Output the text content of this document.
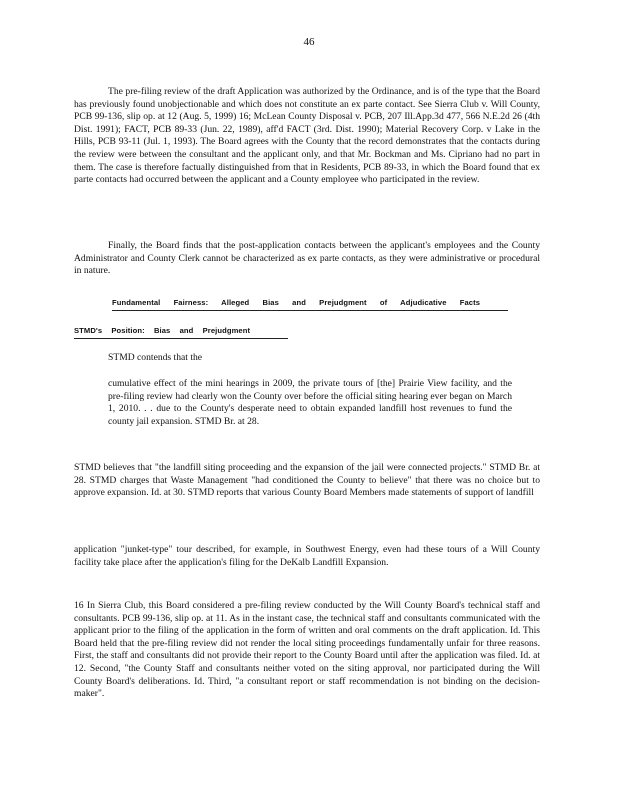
46
The pre-filing review of the draft Application was authorized by the Ordinance, and is of the type that the Board has previously found unobjectionable and which does not constitute an ex parte contact. See Sierra Club v. Will County, PCB 99-136, slip op. at 12 (Aug. 5, 1999) 16; McLean County Disposal v. PCB, 207 Ill.App.3d 477, 566 N.E.2d 26 (4th Dist. 1991); FACT, PCB 89-33 (Jun. 22, 1989), aff'd FACT (3rd. Dist. 1990); Material Recovery Corp. v Lake in the Hills, PCB 93-11 (Jul. 1, 1993). The Board agrees with the County that the record demonstrates that the contacts during the review were between the consultant and the applicant only, and that Mr. Bockman and Ms. Cipriano had no part in them. The case is therefore factually distinguished from that in Residents, PCB 89-33, in which the Board found that ex parte contacts had occurred between the applicant and a County employee who participated in the review.
Finally, the Board finds that the post-application contacts between the applicant's employees and the County Administrator and County Clerk cannot be characterized as ex parte contacts, as they were administrative or procedural in nature.
Fundamental Fairness: Alleged Bias and Prejudgment of Adjudicative Facts
STMD's Position: Bias and Prejudgment
STMD contends that the
cumulative effect of the mini hearings in 2009, the private tours of [the] Prairie View facility, and the pre-filing review had clearly won the County over before the official siting hearing ever began on March 1, 2010. . . due to the County's desperate need to obtain expanded landfill host revenues to fund the county jail expansion. STMD Br. at 28.
STMD believes that "the landfill siting proceeding and the expansion of the jail were connected projects." STMD Br. at 28. STMD charges that Waste Management "had conditioned the County to believe" that there was no choice but to approve expansion. Id. at 30. STMD reports that various County Board Members made statements of support of landfill
application "junket-type" tour described, for example, in Southwest Energy, even had these tours of a Will County facility take place after the application's filing for the DeKalb Landfill Expansion.
16 In Sierra Club, this Board considered a pre-filing review conducted by the Will County Board's technical staff and consultants. PCB 99-136, slip op. at 11. As in the instant case, the technical staff and consultants communicated with the applicant prior to the filing of the application in the form of written and oral comments on the draft application. Id. This Board held that the pre-filing review did not render the local siting proceedings fundamentally unfair for three reasons. First, the staff and consultants did not provide their report to the County Board until after the application was filed. Id. at 12. Second, "the County Staff and consultants neither voted on the siting approval, nor participated during the Will County Board's deliberations. Id. Third, "a consultant report or staff recommendation is not binding on the decision-maker".
